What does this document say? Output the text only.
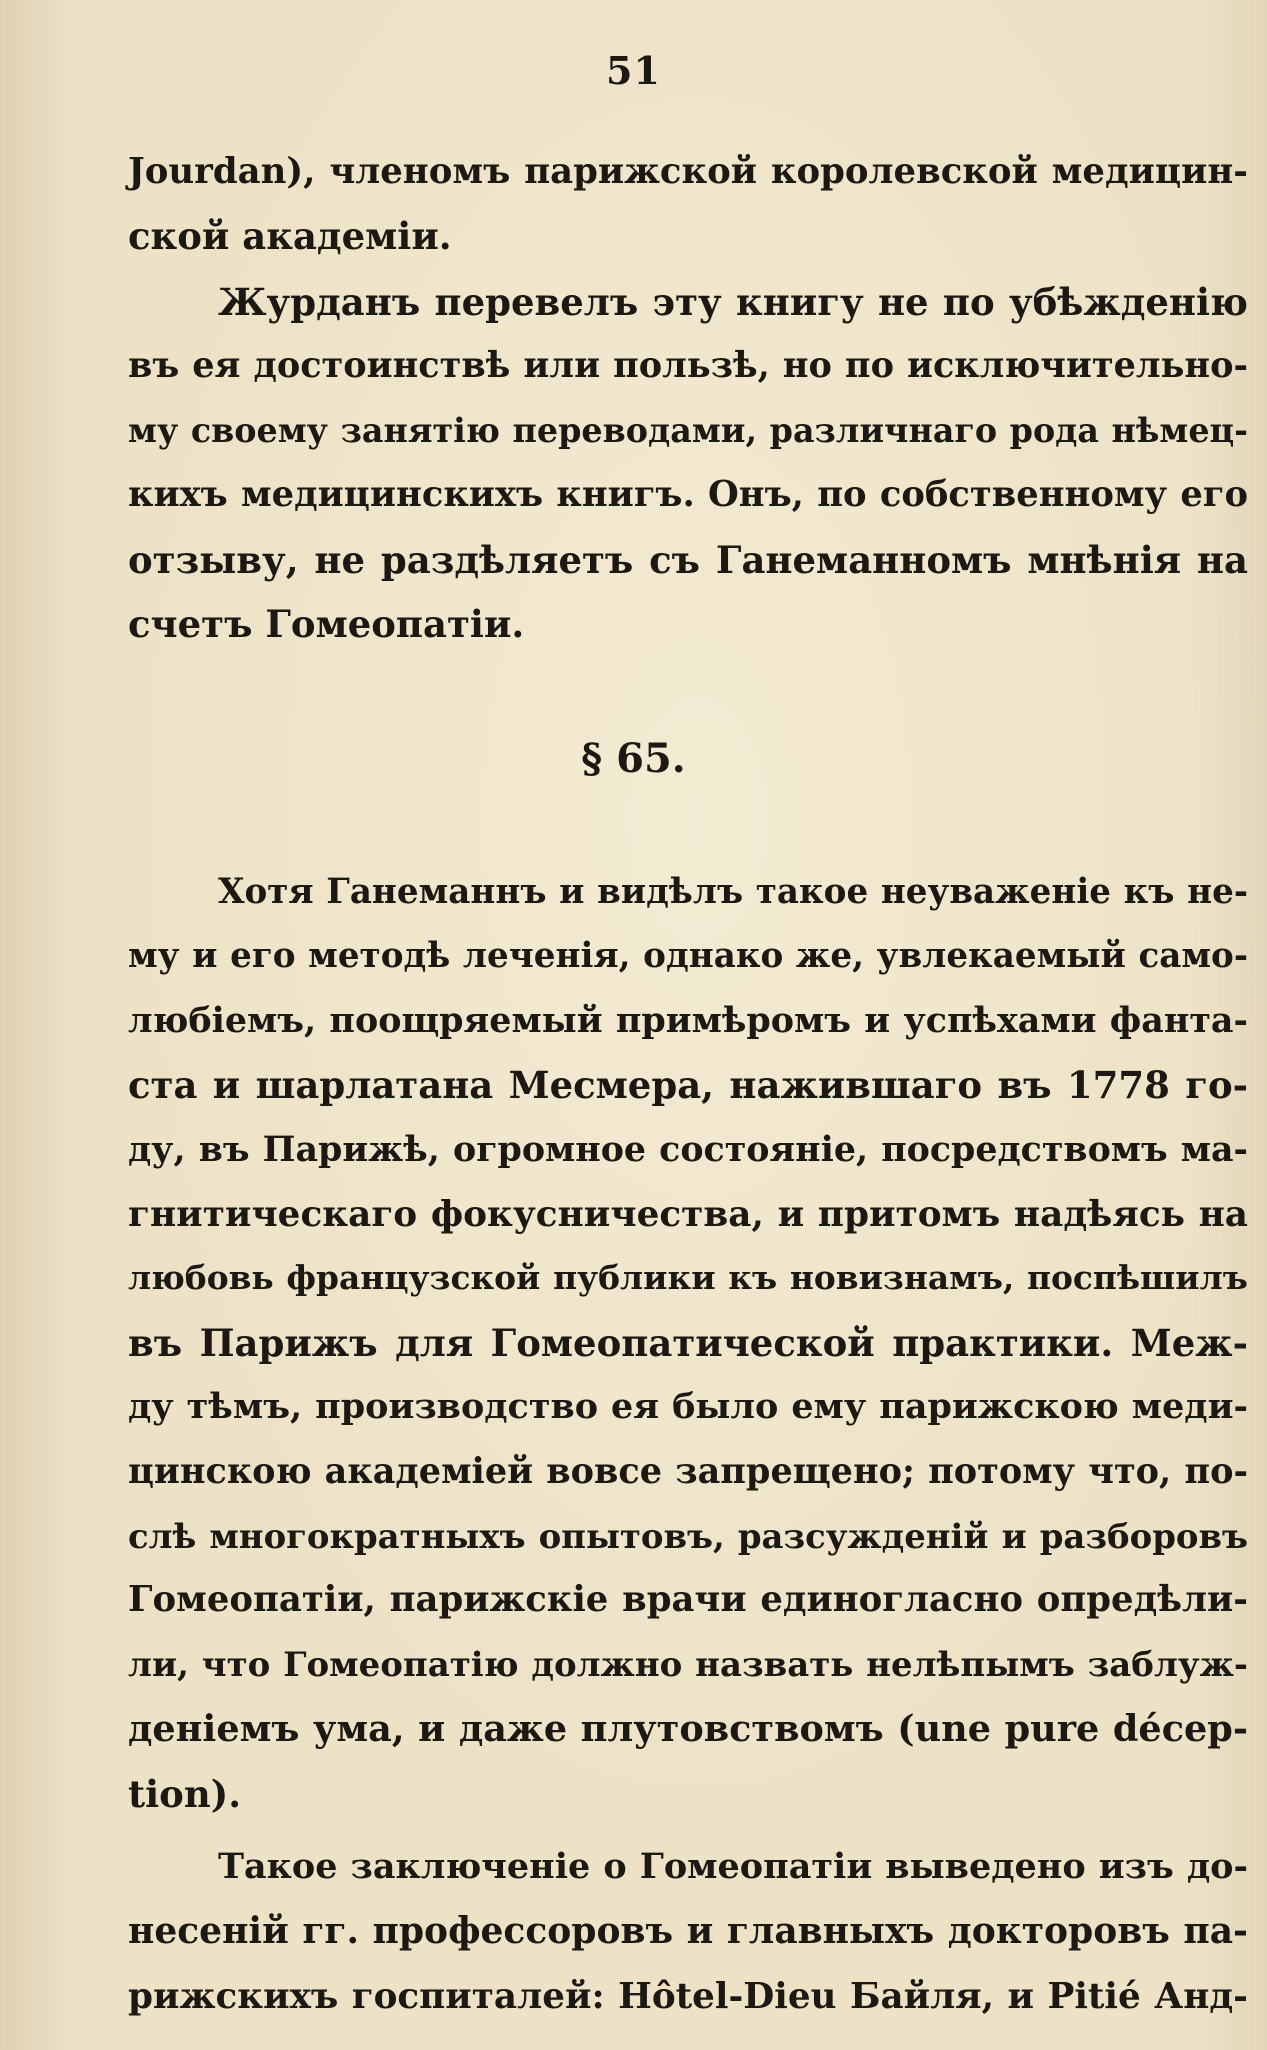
51
Jourdan), членомъ парижской королевской медицин-
ской академіи.
Журданъ перевелъ эту книгу не по убѣжденію
въ ея достоинствѣ или пользѣ, но по исключительно-
му своему занятію переводами, различнаго рода нѣмец-
кихъ медицинскихъ книгъ. Онъ, по собственному его
отзыву, не раздѣляетъ съ Ганеманномъ мнѣнія на
счетъ Гомеопатіи.
§ 65.
Хотя Ганеманнъ и видѣлъ такое неуваженіе къ не-
му и его методѣ леченія, однако же, увлекаемый само-
любіемъ, поощряемый примѣромъ и успѣхами фанта-
ста и шарлатана Месмера, нажившаго въ 1778 го-
ду, въ Парижѣ, огромное состояніе, посредствомъ ма-
гнитическаго фокусничества, и притомъ надѣясь на
любовь французской публики къ новизнамъ, поспѣшилъ
въ Парижъ для Гомеопатической практики. Меж-
ду тѣмъ, производство ея было ему парижскою меди-
цинскою академіей вовсе запрещено; потому что, по-
слѣ многократныхъ опытовъ, разсужденій и разборовъ
Гомеопатіи, парижскіе врачи единогласно опредѣли-
ли, что Гомеопатію должно назвать нелѣпымъ заблуж-
деніемъ ума, и даже плутовствомъ (une pure décep-
tion).
Такое заключеніе о Гомеопатіи выведено изъ до-
несеній гг. профессоровъ и главныхъ докторовъ па-
рижскихъ госпиталей: Hôtel-Dieu Байля, и Pitié Анд-
